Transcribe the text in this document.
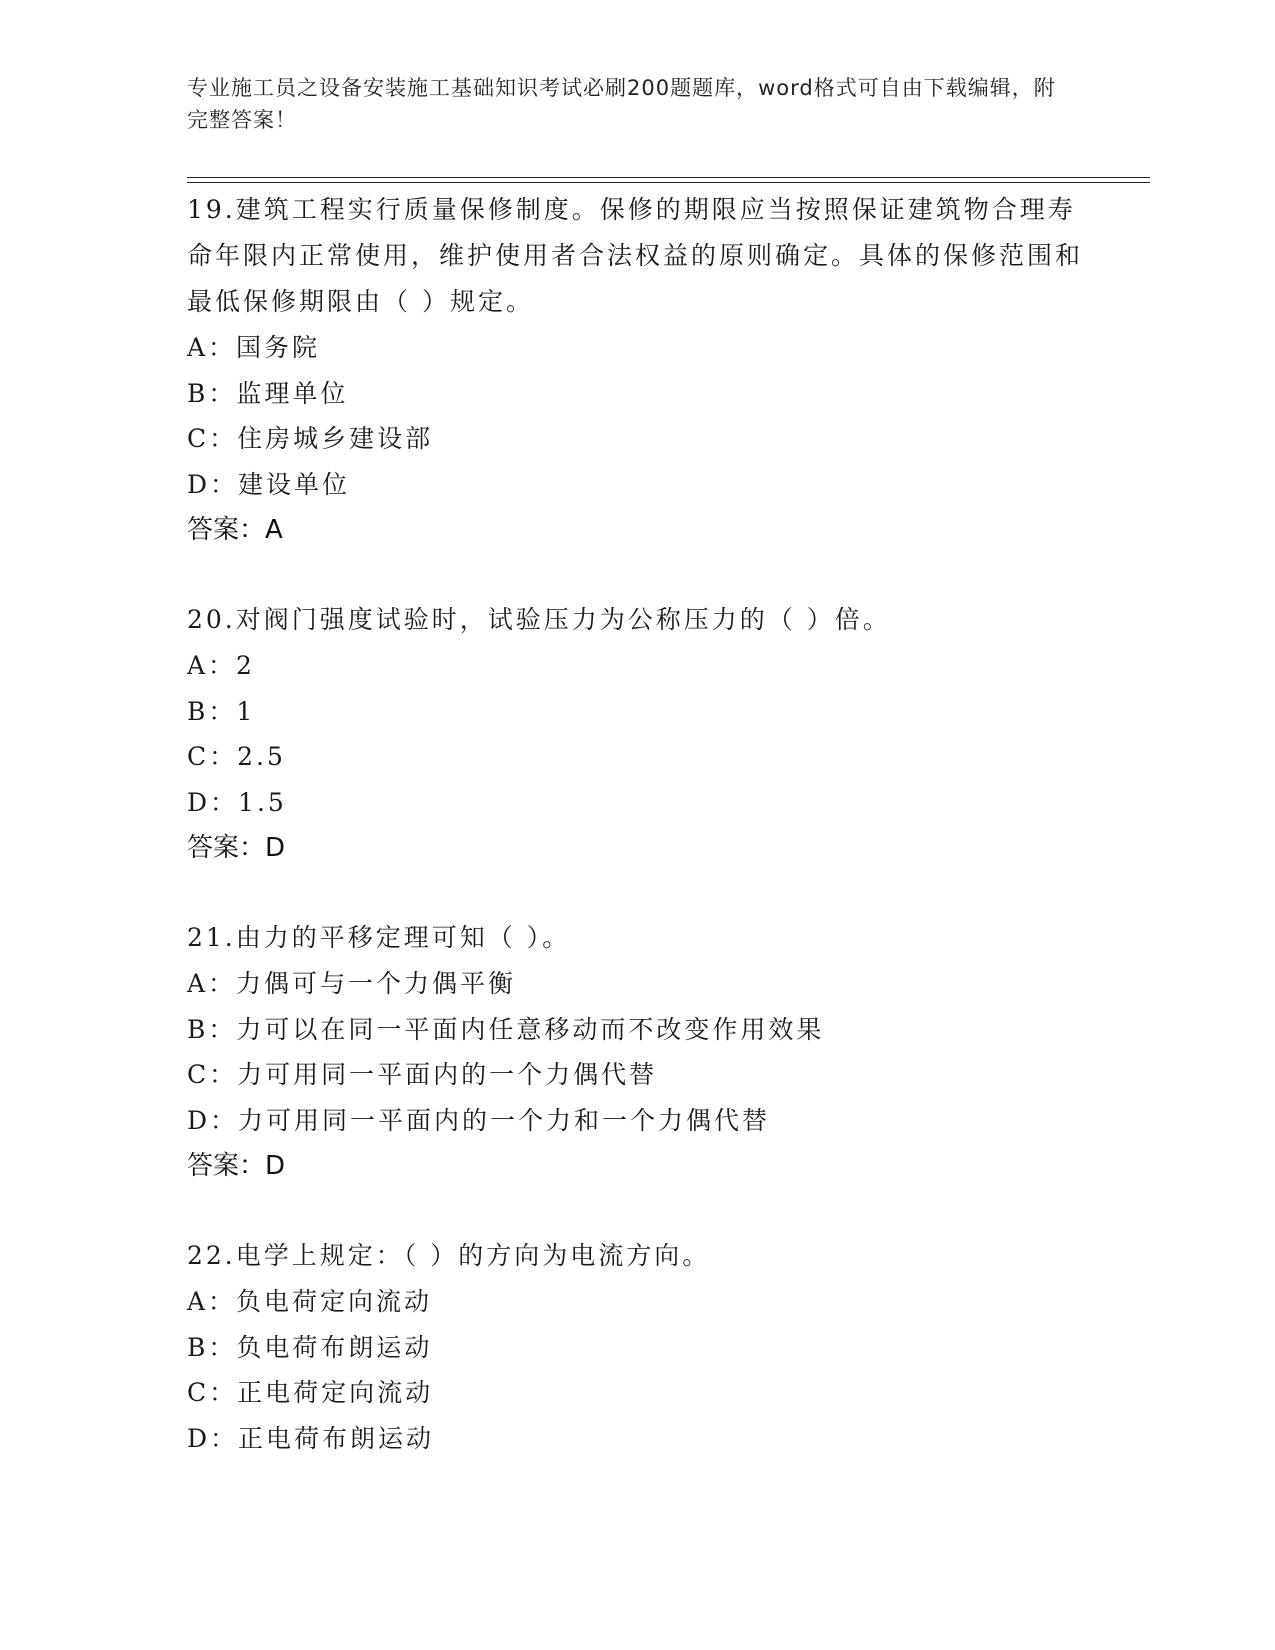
专业施工员之设备安装施工基础知识考试必刷200题题库，word格式可自由下载编辑，附完整答案！

19.建筑工程实行质量保修制度。保修的期限应当按照保证建筑物合理寿命年限内正常使用，维护使用者合法权益的原则确定。具体的保修范围和最低保修期限由（ ）规定。

A：国务院

B：监理单位

C：住房城乡建设部

D：建设单位

答案：A

20.对阀门强度试验时，试验压力为公称压力的（ ）倍。

A：2

B：1

C：2.5

D：1.5

答案：D

21.由力的平移定理可知（ ）。

A：力偶可与一个力偶平衡

B：力可以在同一平面内任意移动而不改变作用效果

C：力可用同一平面内的一个力偶代替

D：力可用同一平面内的一个力和一个力偶代替

答案：D

22.电学上规定：（ ）的方向为电流方向。

A：负电荷定向流动

B：负电荷布朗运动

C：正电荷定向流动

D：正电荷布朗运动
